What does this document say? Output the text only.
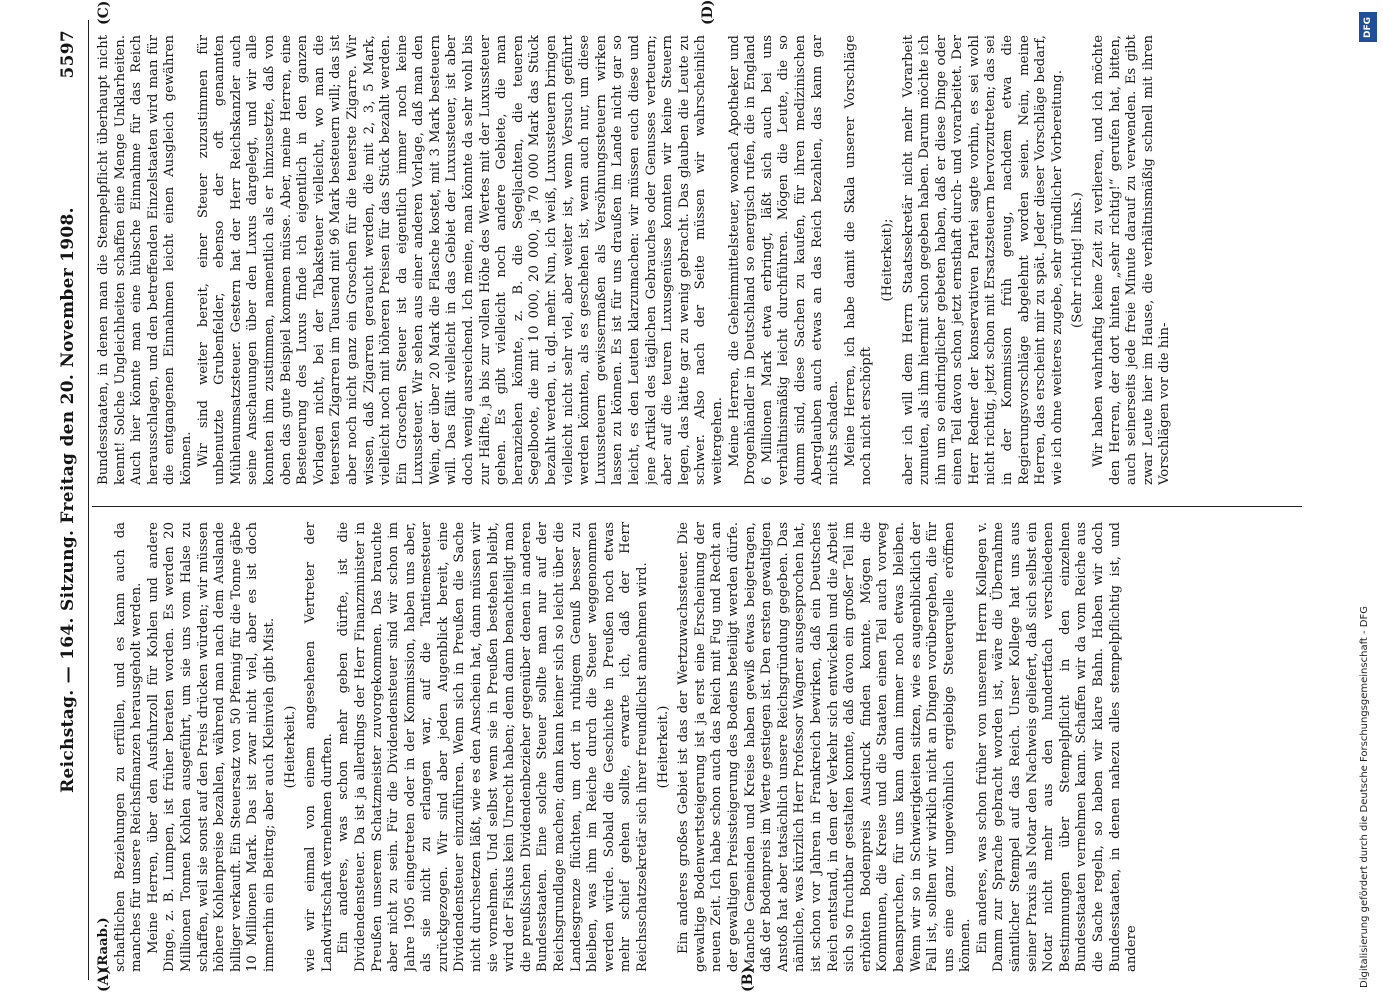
Reichstag. — 164. Sitzung. Freitag den 20. November 1908.
5597
(A)	(B)
(C)	(D)

(Raab.) schaftlichen Beziehungen zu erfüllen, und es kann auch da manches für unsere Reichsfinanzen herausgeholt werden. Meine Herren, über den Ausfuhrzoll für Kohlen und andere Dinge, z. B. Lumpen, ist früher beraten worden. Es werden 20 Millionen Tonnen Kohlen ausgeführt, um sie uns vom Halse zu schaffen, weil sie sonst auf den Preis drücken würden; wir müssen höhere Kohlenpreise bezahlen, während man nach dem Auslande billiger verkauft. Ein Steuersatz von 50 Pfennig für die Tonne gäbe 10 Millionen Mark. Das ist zwar nicht viel, aber es ist doch immerhin ein Beitrag; aber auch Kleinvieh gibt Mist. (Heiterkeit.) wie wir einmal von einem angesehenen Vertreter der Landwirtschaft vernehmen durften. Ein anderes, was schon mehr geben dürfte, ist die Dividendensteuer. Da ist ja allerdings der Herr Finanzminister in Preußen unserem Schatzmeister zuvorgekommen. Das brauchte aber nicht zu sein. Für die Dividendensteuer sind wir schon im Jahre 1905 eingetreten oder in der Kommission, haben uns aber, als sie nicht zu erlangen war, auf die Tantiemesteuer zurückgezogen. Wir sind aber jeden Augenblick bereit, eine Dividendensteuer einzuführen. Wenn sich in Preußen die Sache nicht durchsetzen läßt, wie es den Anschein hat, dann müssen wir sie vornehmen. Und selbst wenn sie in Preußen bestehen bleibt, wird der Fiskus kein Unrecht haben; denn dann benachteiligt man die preußischen Dividendenbezieher gegenüber denen in anderen Bundesstaaten. Eine solche Steuer sollte man nur auf der Reichsgrundlage machen; dann kann keiner sich so leicht über die Landesgrenze flüchten, um dort in ruhigem Genuß besser zu bleiben, was ihm im Reiche durch die Steuer weggenommen werden würde. Sobald die Geschichte in Preußen noch etwas mehr schief gehen sollte, erwarte ich, daß der Herr Reichsschatzsekretär sich ihrer freundlichst annehmen wird. (Heiterkeit.) Ein anderes großes Gebiet ist das der Wertzuwachssteuer. Die gewaltige Bodenwertsteigerung ist ja erst eine Erscheinung der neuen Zeit. Ich habe schon auch das Reich mit Fug und Recht an der gewaltigen Preissteigerung des Bodens beteiligt werden dürfe. Manche Gemeinden und Kreise haben gewiß etwas beigetragen, daß der Bodenpreis im Werte gestiegen ist. Den ersten gewaltigen Anstoß hat aber tatsächlich unsere Reichsgründung gegeben. Das nämliche, was kürzlich Herr Professor Wagner ausgesprochen hat, ist schon vor Jahren in Frankreich bewirken, daß ein Deutsches Reich entstand, in dem der Verkehr sich entwickeln und die Arbeit sich so fruchtbar gestalten konnte, daß davon ein großer Teil im erhöhten Bodenpreis Ausdruck finden konnte. Mögen die Kommunen, die Kreise und die Staaten einen Teil auch vorweg beanspruchen, für uns kann dann immer noch etwas bleiben. Wenn wir so in Schwierigkeiten sitzen, wie es augenblicklich der Fall ist, sollten wir wirklich nicht an Dingen vorübergehen, die für uns eine ganz ungewöhnlich ergiebige Steuerquelle eröffnen können. Ein anderes, was schon früher von unserem Herrn Kollegen v. Damm zur Sprache gebracht worden ist, wäre die Übernahme sämtlicher Stempel auf das Reich. Unser Kollege hat uns aus seiner Praxis als Notar den Nachweis geliefert, daß sich selbst ein Notar nicht mehr aus den hundertfach verschiedenen Bestimmungen über Stempelpflicht in den einzelnen Bundesstaaten vernehmen kann. Schaffen wir da vom Reiche aus die Sache regeln, so haben wir klare Bahn. Haben wir doch Bundesstaaten, in denen nahezu alles stempelpflichtig ist, und andere

Bundesstaaten, in denen man die Stempelpflicht überhaupt nicht kennt! Solche Ungleichheiten schaffen eine Menge Unklarheiten. Auch hier könnte man eine hübsche Einnahme für das Reich herausschlagen, und den betreffenden Einzelstaaten wird man für die entgangenen Einnahmen leicht einen Ausgleich gewähren können. Wir sind weiter bereit, einer Steuer zuzustimmen für unbenutzte Grubenfelder, ebenso der oft genannten Mühlenumsatzsteuer. Gestern hat der Herr Reichskanzler auch seine Anschauungen über den Luxus dargelegt, und wir alle konnten ihm zustimmen, namentlich als er hinzusetzte, daß von oben das gute Beispiel kommen müsse. Aber, meine Herren, eine Besteuerung des Luxus finde ich eigentlich in den ganzen Vorlagen nicht, bei der Tabaksteuer vielleicht, wo man die teuersten Zigarren im Tausend mit 96 Mark besteuern will; das ist aber noch nicht ganz ein Groschen für die teuerste Zigarre. Wir wissen, daß Zigarren geraucht werden, die mit 2, 3, 5 Mark, vielleicht noch mit höheren Preisen für das Stück bezahlt werden. Ein Groschen Steuer ist da eigentlich immer noch keine Luxussteuer. Wir sehen aus einer anderen Vorlage, daß man den Wein, der über 20 Mark die Flasche kostet, mit 3 Mark besteuern will. Das fällt vielleicht in das Gebiet der Luxussteuer, ist aber doch wenig ausreichend. Ich meine, man könnte da sehr wohl bis zur Hälfte, ja bis zur vollen Höhe des Wertes mit der Luxussteuer gehen. Es gibt vielleicht noch andere Gebiete, die man heranziehen könnte, z. B. die Segeljachten, die teueren Segelboote, die mit 10 000, 20 000, ja 70 000 Mark das Stück bezahlt werden, u. dgl. mehr. Nun, ich weiß, Luxussteuern bringen vielleicht nicht sehr viel, aber weiter ist, wenn Versuch geführt werden könnten, als es geschehen ist, wenn auch nur, um diese Luxussteuern gewissermaßen als Versöhnungssteuern wirken lassen zu können. Es ist für uns draußen im Lande nicht gar so leicht, es den Leuten klarzumachen: wir müssen euch diese und jene Artikel des täglichen Gebrauches oder Genusses verteuern; aber auf die teuren Luxusgenüsse konnten wir keine Steuern legen, das hätte gar zu wenig gebracht. Das glauben die Leute zu schwer. Also nach der Seite müssen wir wahrscheinlich weitergehen. Meine Herren, die Geheimmittelsteuer, wonach Apotheker und Drogenhändler in Deutschland so energisch rufen, die in England 6 Millionen Mark etwa erbringt, läßt sich auch bei uns verhältnismäßig leicht durchführen. Mögen die Leute, die so dumm sind, diese Sachen zu kaufen, für ihren medizinischen Aberglauben auch etwas an das Reich bezahlen, das kann gar nichts schaden. Meine Herren, ich habe damit die Skala unserer Vorschläge noch nicht erschöpft

(Heiterkeit); aber ich will dem Herrn Staatssekretär nicht mehr Vorarbeit zumuten, als ihm hiermit schon gegeben haben. Darum möchte ich ihn um so eindringlicher gebeten haben, daß er diese Dinge oder einen Teil davon schon jetzt ernsthaft durch- und vorarbeitet. Der Herr Redner der konservativen Partei sagte vorhin, es sei wohl nicht richtig, jetzt schon mit Ersatzsteuern hervorzutreten; das sei in der Kommission früh genug, nachdem etwa die Regierungsvorschläge abgelehnt worden seien. Nein, meine Herren, das erscheint mir zu spät. Jeder dieser Vorschläge bedarf, wie ich ohne weiteres zugebe, sehr gründlicher Vorbereitung. (Sehr richtig! links.) Wir haben wahrhaftig keine Zeit zu verlieren, und ich möchte den Herren, der dort hinten „sehr richtig!“ gerufen hat, bitten, auch seinerseits jede freie Minute darauf zu verwenden. Es gibt zwar Leute hier im Hause, die verhältnismäßig schnell mit ihren Vorschlägen vor die hin-

DFG
Digitalisierung gefördert durch die Deutsche Forschungsgemeinschaft - DFG
